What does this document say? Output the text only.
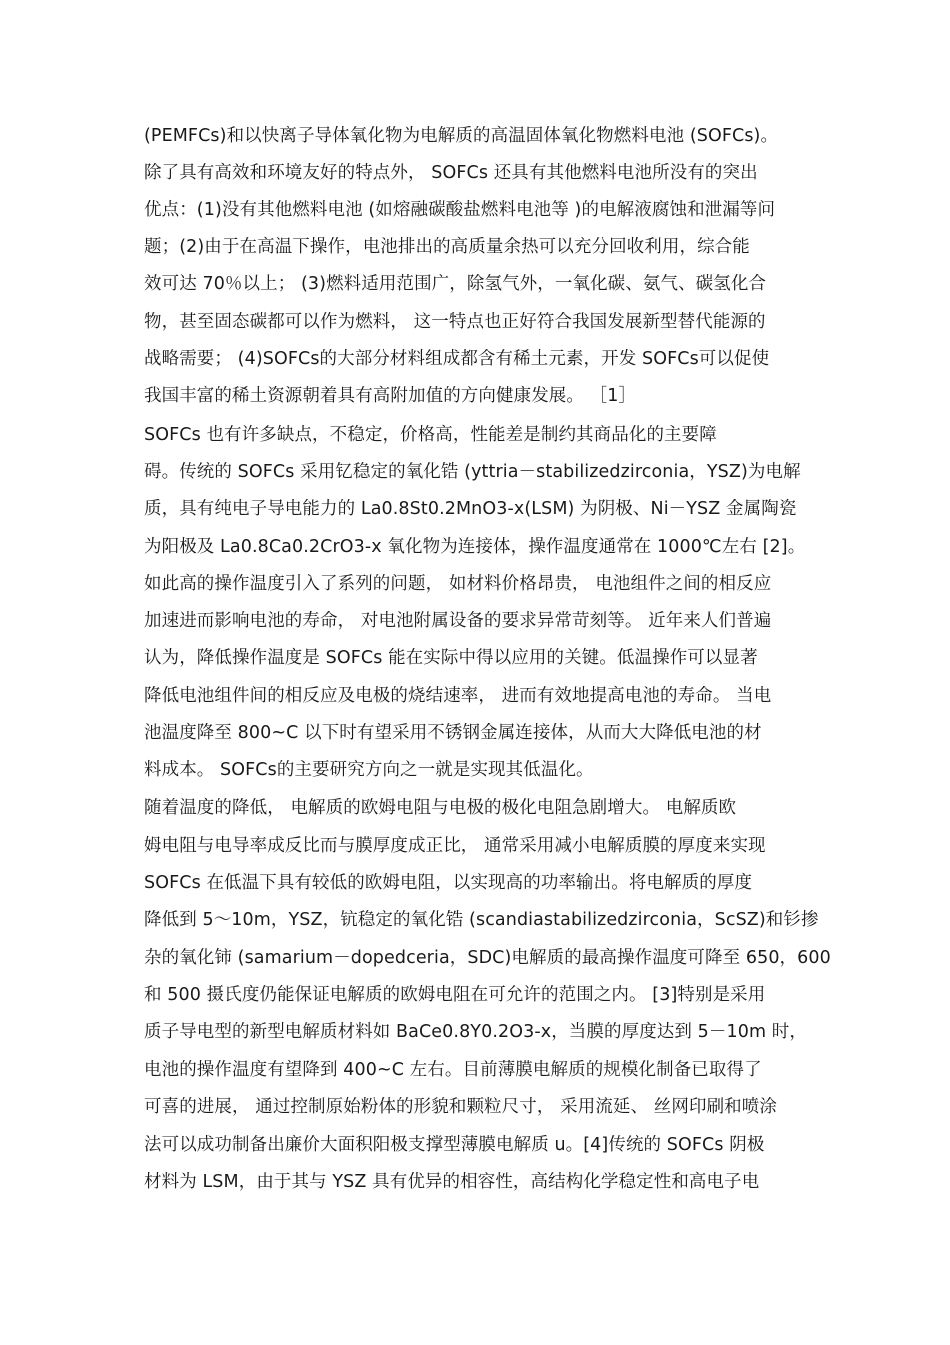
(PEMFCs)和以快离子导体氧化物为电解质的高温固体氧化物燃料电池 (SOFCs)。
除了具有高效和环境友好的特点外， SOFCs 还具有其他燃料电池所没有的突出
优点：(1)没有其他燃料电池 (如熔融碳酸盐燃料电池等 )的电解液腐蚀和泄漏等问
题；(2)由于在高温下操作，电池排出的高质量余热可以充分回收利用，综合能
效可达 70％以上； (3)燃料适用范围广，除氢气外，一氧化碳、氨气、碳氢化合
物，甚至固态碳都可以作为燃料， 这一特点也正好符合我国发展新型替代能源的
战略需要； (4)SOFCs的大部分材料组成都含有稀土元素，开发 SOFCs可以促使
我国丰富的稀土资源朝着具有高附加值的方向健康发展。 ［1］
SOFCs 也有许多缺点，不稳定，价格高，性能差是制约其商品化的主要障
碍。传统的 SOFCs 采用钇稳定的氧化锆 (yttria－stabilizedzirconia，YSZ)为电解
质，具有纯电子导电能力的 La0.8St0.2MnO3-x(LSM) 为阴极、Ni－YSZ 金属陶瓷
为阳极及 La0.8Ca0.2CrO3-x 氧化物为连接体，操作温度通常在 1000℃左右 [2]。
如此高的操作温度引入了系列的问题， 如材料价格昂贵， 电池组件之间的相反应
加速进而影响电池的寿命， 对电池附属设备的要求异常苛刻等。 近年来人们普遍
认为，降低操作温度是 SOFCs 能在实际中得以应用的关键。低温操作可以显著
降低电池组件间的相反应及电极的烧结速率， 进而有效地提高电池的寿命。 当电
池温度降至 800~C 以下时有望采用不锈钢金属连接体，从而大大降低电池的材
料成本。 SOFCs的主要研究方向之一就是实现其低温化。
随着温度的降低， 电解质的欧姆电阻与电极的极化电阻急剧增大。 电解质欧
姆电阻与电导率成反比而与膜厚度成正比， 通常采用减小电解质膜的厚度来实现
SOFCs 在低温下具有较低的欧姆电阻，以实现高的功率输出。将电解质的厚度
降低到 5～10m，YSZ，钪稳定的氧化锆 (scandiastabilizedzirconia，ScSZ)和钐掺
杂的氧化铈 (samarium－dopedceria，SDC)电解质的最高操作温度可降至 650，600
和 500 摄氏度仍能保证电解质的欧姆电阻在可允许的范围之内。 [3]特别是采用
质子导电型的新型电解质材料如 BaCe0.8Y0.2O3-x，当膜的厚度达到 5－10m 时，
电池的操作温度有望降到 400~C 左右。目前薄膜电解质的规模化制备已取得了
可喜的进展， 通过控制原始粉体的形貌和颗粒尺寸， 采用流延、 丝网印刷和喷涂
法可以成功制备出廉价大面积阳极支撑型薄膜电解质 u。[4]传统的 SOFCs 阴极
材料为 LSM，由于其与 YSZ 具有优异的相容性，高结构化学稳定性和高电子电
